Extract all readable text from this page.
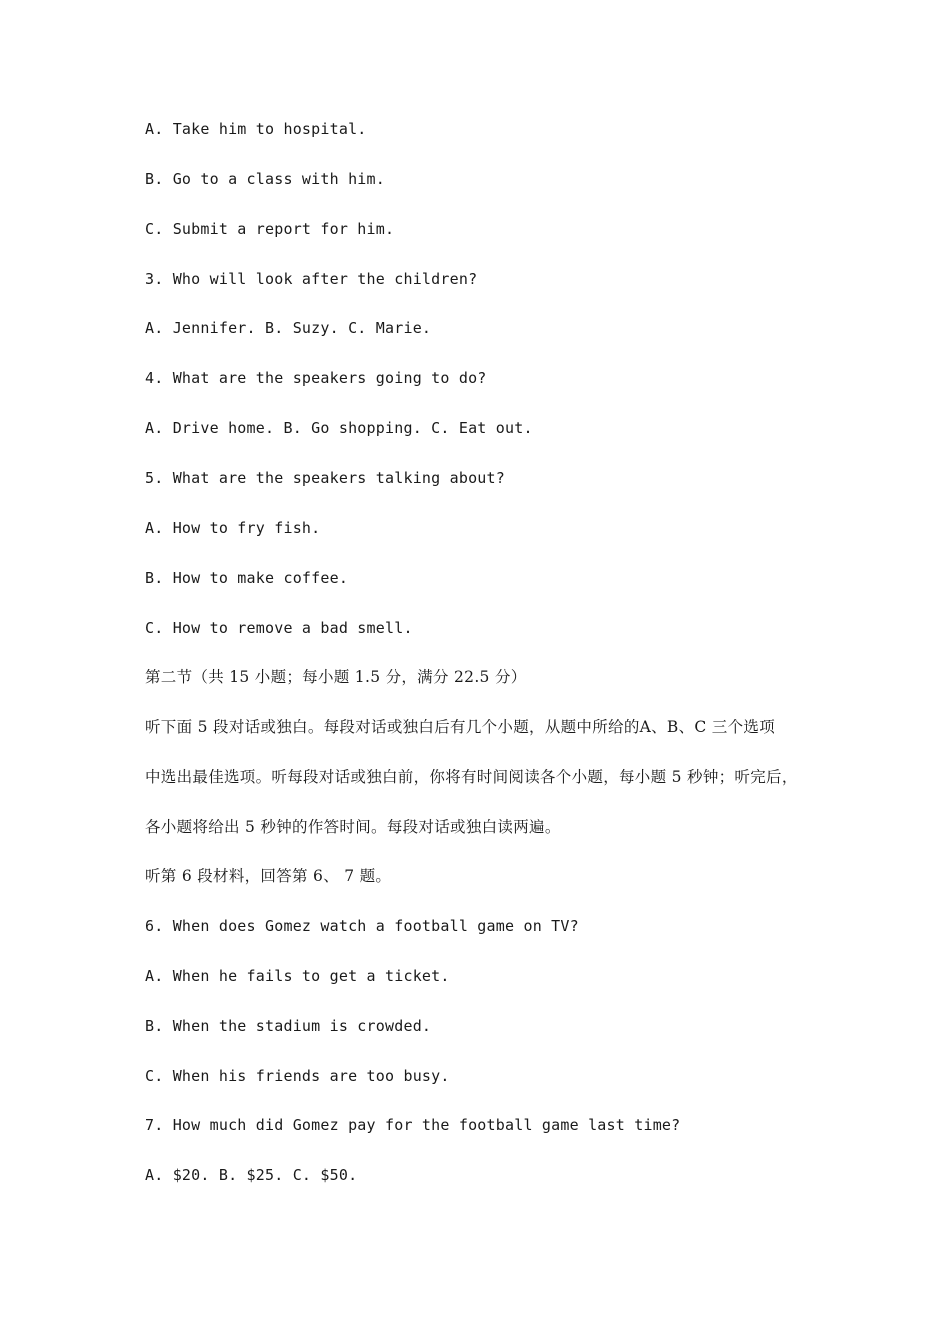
A. Take him to hospital.
B. Go to a class with him.
C. Submit a report for him.
3. Who will look after the children?
A. Jennifer. B. Suzy. C. Marie.
4. What are the speakers going to do?
A. Drive home. B. Go shopping. C. Eat out.
5. What are the speakers talking about?
A. How to fry fish.
B. How to make coffee.
C. How to remove a bad smell.
第二节（共 15 小题；每小题 1.5 分，满分 22.5 分）
听下面 5 段对话或独白。每段对话或独白后有几个小题，从题中所给的A、B、C 三个选项
中选出最佳选项。听每段对话或独白前，你将有时间阅读各个小题，每小题 5 秒钟；听完后，
各小题将给出 5 秒钟的作答时间。每段对话或独白读两遍。
听第 6 段材料，回答第 6、 7 题。
6. When does Gomez watch a football game on TV?
A. When he fails to get a ticket.
B. When the stadium is crowded.
C. When his friends are too busy.
7. How much did Gomez pay for the football game last time?
A. $20. B. $25. C. $50.
